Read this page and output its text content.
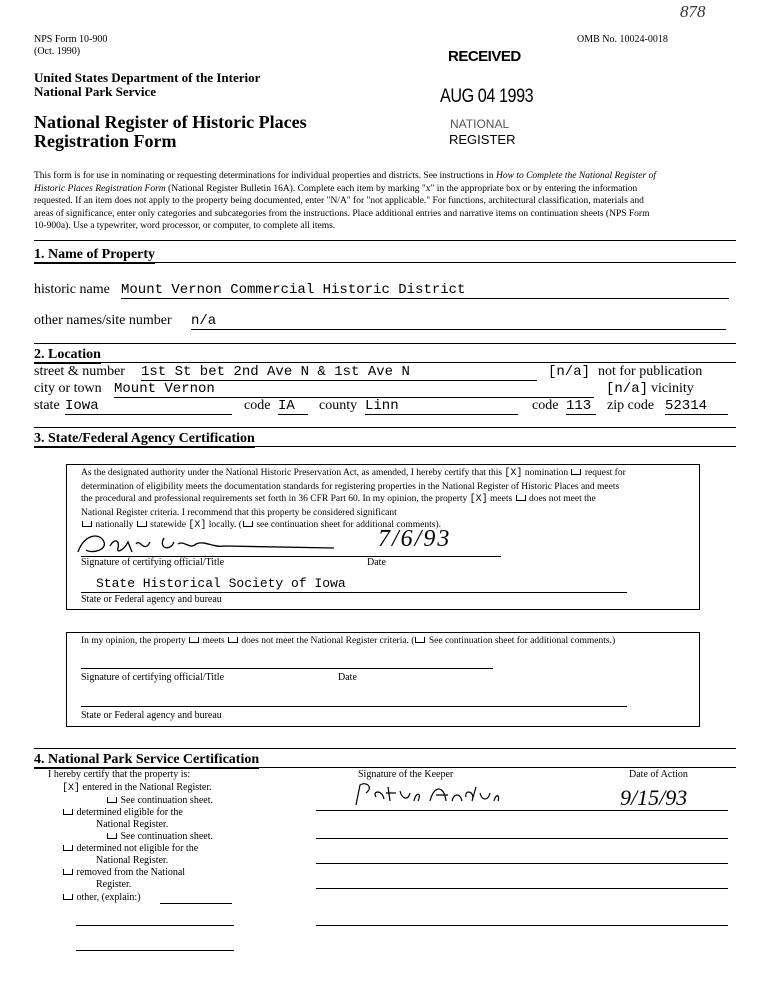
878
NPS Form 10-900
(Oct. 1990)
OMB No. 10024-0018
RECEIVED
AUG 04 1993
NATIONAL
REGISTER
United States Department of the Interior
National Park Service
National Register of Historic Places
Registration Form
This form is for use in nominating or requesting determinations for individual properties and districts. See instructions in How to Complete the National Register of
Historic Places Registration Form (National Register Bulletin 16A). Complete each item by marking "x" in the appropriate box or by entering the information
requested. If an item does not apply to the property being documented, enter "N/A" for "not applicable." For functions, architectural classification, materials and
areas of significance, enter only categories and subcategories from the instructions. Place additional entries and narrative items on continuation sheets (NPS Form
10-900a). Use a typewriter, word processor, or computer, to complete all items.
1. Name of Property
historic name Mount Vernon Commercial Historic District
other names/site number n/a
2. Location
street & number 1st St bet 2nd Ave N & 1st Ave N	[n/a] not for publication
city or town Mount Vernon	[n/a] vicinity
state Iowa	code IA	county Linn	code 113	zip code 52314
3. State/Federal Agency Certification
As the designated authority under the National Historic Preservation Act, as amended, I hereby certify that this [X] nomination request for
determination of eligibility meets the documentation standards for registering properties in the National Register of Historic Places and meets
the procedural and professional requirements set forth in 36 CFR Part 60. In my opinion, the property [X] meets does not meet the
National Register criteria. I recommend that this property be considered significant
nationally statewide [X] locally. ( see continuation sheet for additional comments).
7/6/93
Signature of certifying official/Title	Date
State Historical Society of Iowa
State or Federal agency and bureau
In my opinion, the property meets does not meet the National Register criteria. ( See continuation sheet for additional comments.)
Signature of certifying official/Title	Date
State or Federal agency and bureau
4. National Park Service Certification
I hereby certify that the property is:
[X] entered in the National Register.
See continuation sheet.
determined eligible for the
National Register.
See continuation sheet.
determined not eligible for the
National Register.
removed from the National
Register.
other, (explain:)
Signature of the Keeper	Date of Action
9/15/93
